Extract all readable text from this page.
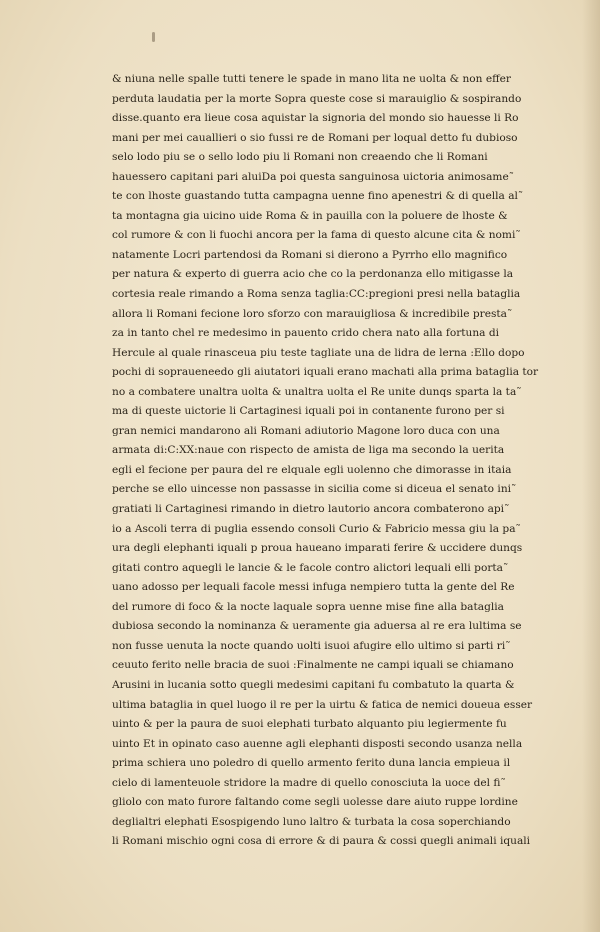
& niuna nelle spalle tutti tenere le spade in mano lita ne uolta & non effer
perduta laudatia per la morte Sopra queste cose si marauiglio & sospirando
disse.quanto era lieue cosa aquistar la signoria del mondo sio hauesse li Ro
mani per mei cauallieri o sio fussi re de Romani per loqual detto fu dubioso
selo lodo piu se o sello lodo piu li Romani non creaendo che li Romani
hauessero capitani pari aluiDa poi questa sanguinosa uictoria animosame˜
te con lhoste guastando tutta campagna uenne fino apenestri & di quella al˜
ta montagna gia uicino uide Roma & in pauilla con la poluere de lhoste &
col rumore & con li fuochi ancora per la fama di questo alcune cita & nomi˜
natamente Locri partendosi da Romani si dierono a Pyrrho ello magnifico
per natura & experto di guerra acio che co la perdonanza ello mitigasse la
cortesia reale rimando a Roma senza taglia:CC:pregioni presi nella bataglia
allora li Romani fecione loro sforzo con marauigliosa & incredibile presta˜
za in tanto chel re medesimo in pauento crido chera nato alla fortuna di
Hercule al quale rinasceua piu teste tagliate una de lidra de lerna :Ello dopo
pochi di sopraueneedo gli aiutatori iquali erano machati alla prima bataglia tor
no a combatere unaltra uolta & unaltra uolta el Re unite dunqs sparta la ta˜
ma di queste uictorie li Cartaginesi iquali poi in contanente furono per si
gran nemici mandarono ali Romani adiutorio Magone loro duca con una
armata di:C:XX:naue con rispecto de amista de liga ma secondo la uerita
egli el fecione per paura del re elquale egli uolenno che dimorasse in itaia
perche se ello uincesse non passasse in sicilia come si diceua el senato ini˜
gratiati li Cartaginesi rimando in dietro lautorio ancora combaterono api˜
io a Ascoli terra di puglia essendo consoli Curio & Fabricio messa giu la pa˜
ura degli elephanti iquali p proua haueano imparati ferire & uccidere dunqs
gitati contro aquegli le lancie & le facole contro alictori lequali elli porta˜
uano adosso per lequali facole messi infuga nempiero tutta la gente del Re
del rumore di foco & la nocte laquale sopra uenne mise fine alla bataglia
dubiosa secondo la nominanza & ueramente gia aduersa al re era lultima se
non fusse uenuta la nocte quando uolti isuoi afugire ello ultimo si parti ri˜
ceuuto ferito nelle bracia de suoi :Finalmente ne campi iquali se chiamano
Arusini in lucania sotto quegli medesimi capitani fu combatuto la quarta &
ultima bataglia in quel luogo il re per la uirtu & fatica de nemici doueua esser
uinto & per la paura de suoi elephati turbato alquanto piu legiermente fu
uinto Et in opinato caso auenne agli elephanti disposti secondo usanza nella
prima schiera uno poledro di quello armento ferito duna lancia empieua il
cielo di lamenteuole stridore la madre di quello conosciuta la uoce del fi˜
gliolo con mato furore faltando come segli uolesse dare aiuto ruppe lordine
deglialtri elephati Esospigendo luno laltro & turbata la cosa soperchiando
li Romani mischio ogni cosa di errore & di paura & cossi quegli animali iquali
